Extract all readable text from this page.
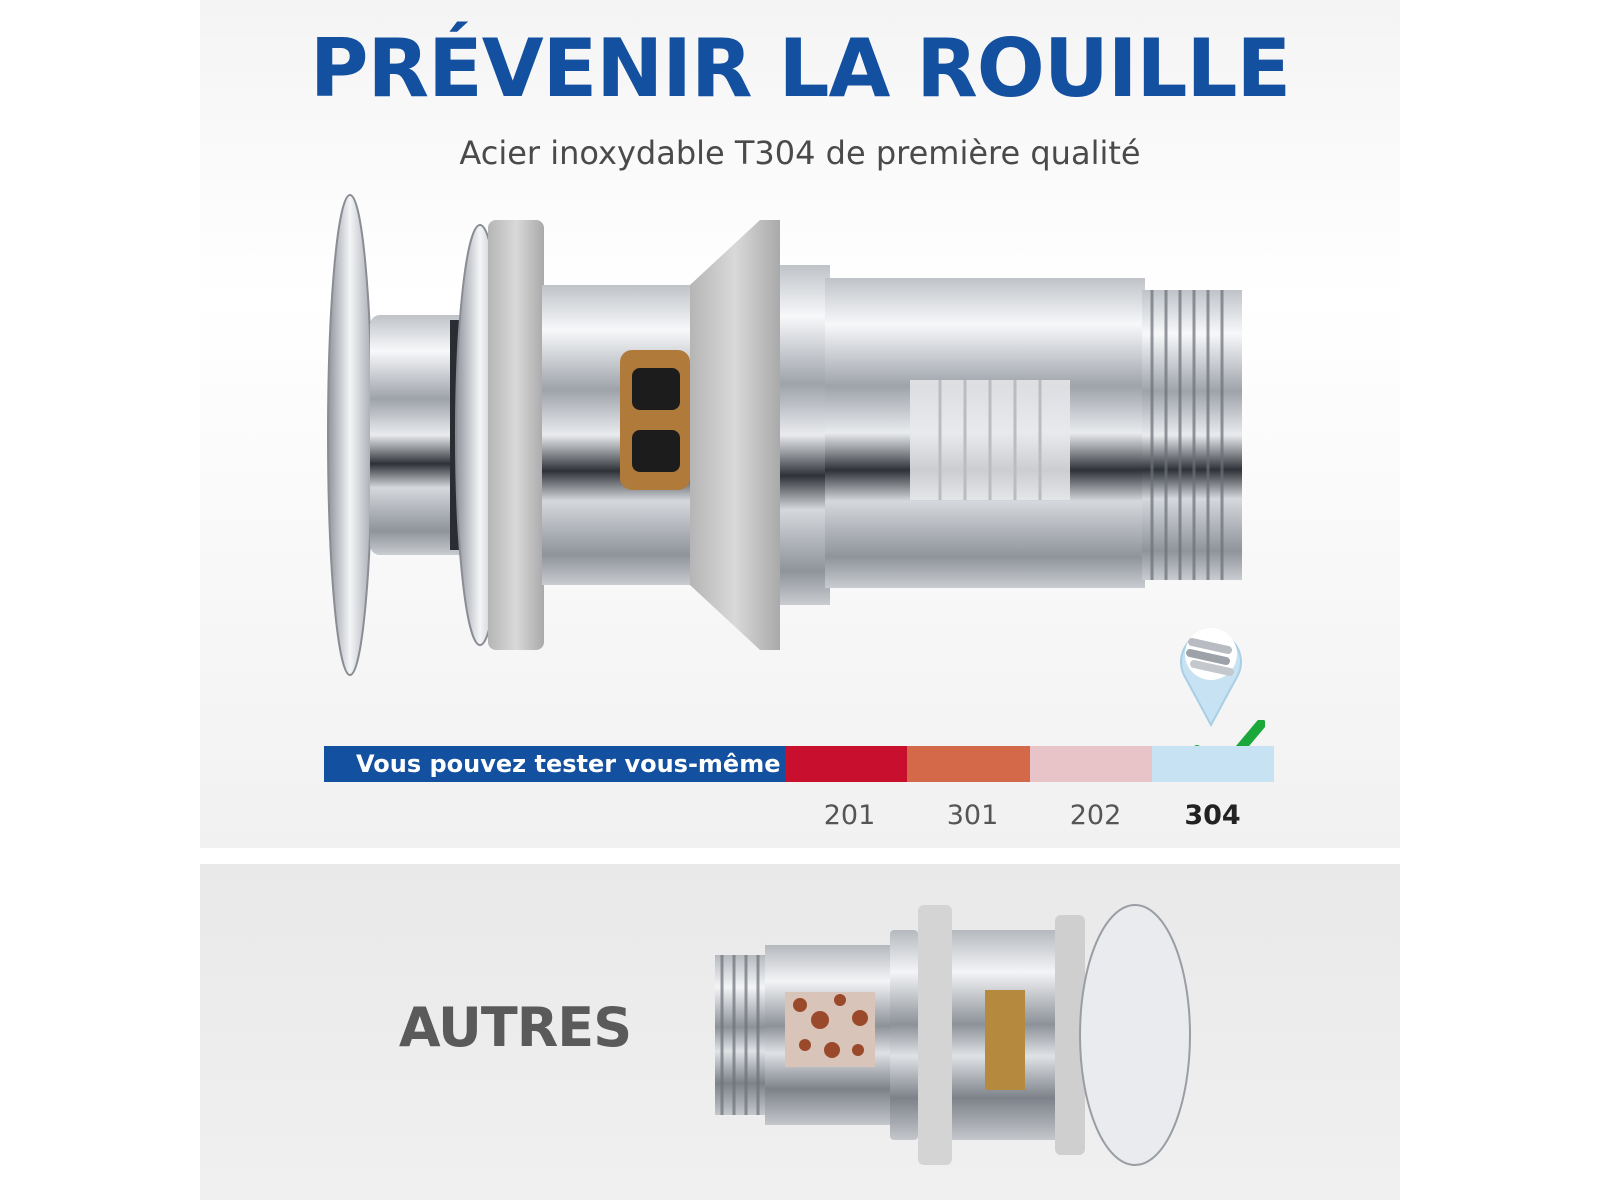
PRÉVENIR LA ROUILLE
Acier inoxydable T304 de première qualité
Vous pouvez tester vous-même
201	301	202	304
AUTRES
